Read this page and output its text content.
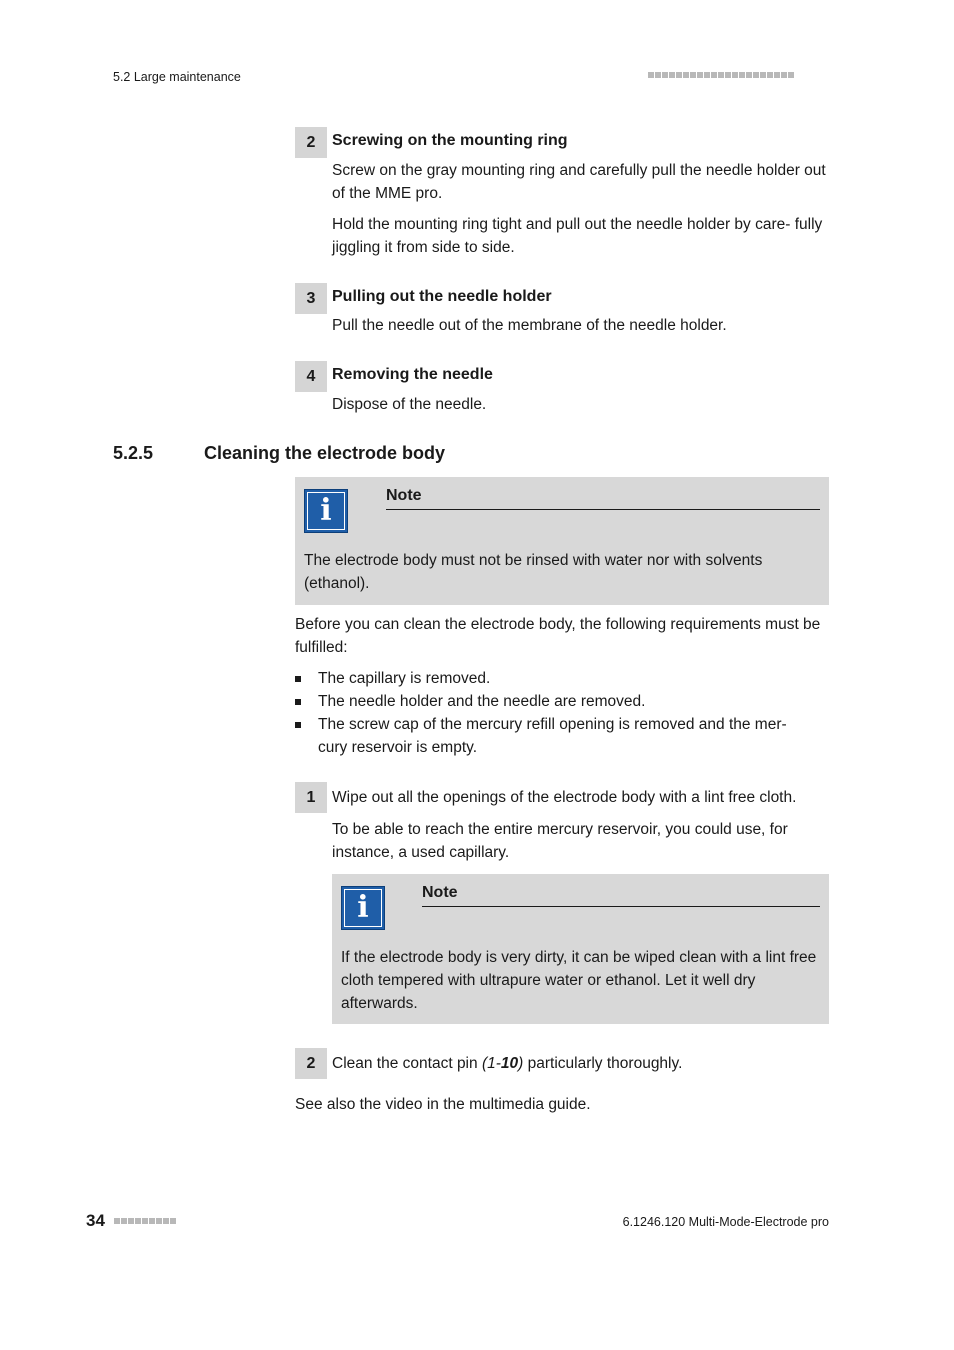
5.2 Large maintenance
2	Screwing on the mounting ring
Screw on the gray mounting ring and carefully pull the needle holder out of the MME pro.
Hold the mounting ring tight and pull out the needle holder by care- fully jiggling it from side to side.
3	Pulling out the needle holder
Pull the needle out of the membrane of the needle holder.
4	Removing the needle
Dispose of the needle.
5.2.5	Cleaning the electrode body
i	Note
The electrode body must not be rinsed with water nor with solvents (ethanol).
Before you can clean the electrode body, the following requirements must be fulfilled:
The capillary is removed.
The needle holder and the needle are removed.
The screw cap of the mercury refill opening is removed and the mer- cury reservoir is empty.
1	Wipe out all the openings of the electrode body with a lint free cloth.
To be able to reach the entire mercury reservoir, you could use, for instance, a used capillary.
i	Note
If the electrode body is very dirty, it can be wiped clean with a lint free cloth tempered with ultrapure water or ethanol. Let it well dry afterwards.
2	Clean the contact pin (1-10) particularly thoroughly.
See also the video in the multimedia guide.
34	6.1246.120 Multi-Mode-Electrode pro
